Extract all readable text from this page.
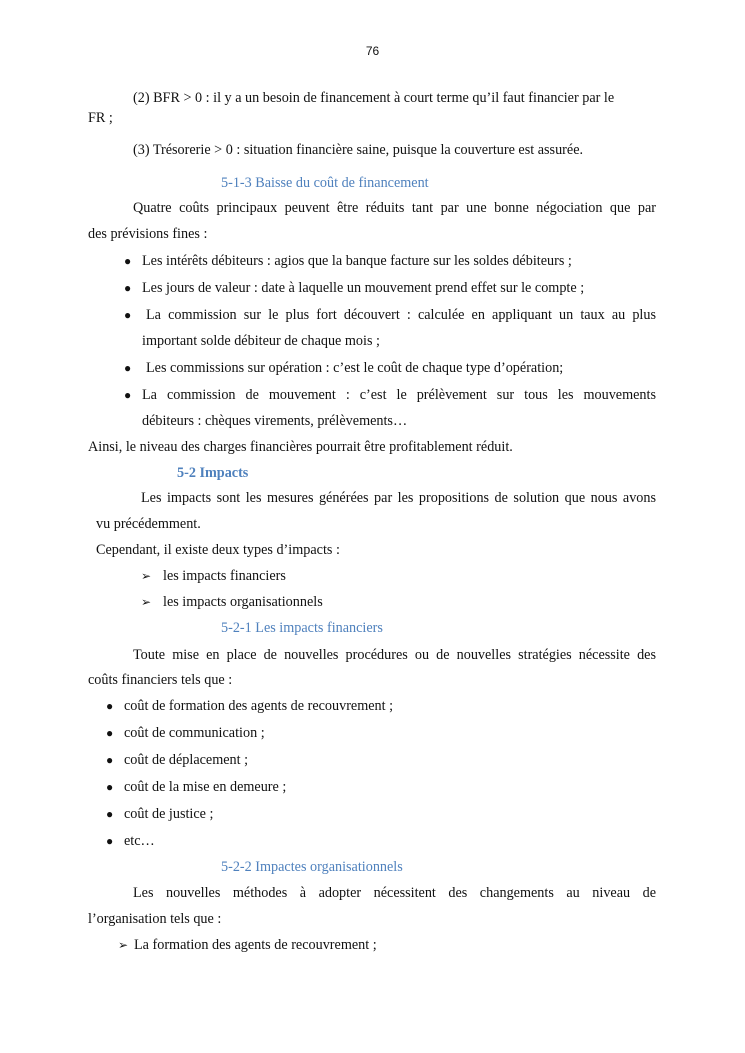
76
(2) BFR > 0 : il y a un besoin de financement à court terme qu’il faut financier par le
FR ;
(3) Trésorerie > 0 : situation financière saine, puisque la couverture est assurée.
5-1-3 Baisse du coût de financement
Quatre coûts principaux peuvent être réduits tant par une bonne négociation que par
des prévisions fines :
● Les intérêts débiteurs : agios que la banque facture sur les soldes débiteurs ;
● Les jours de valeur : date à laquelle un mouvement prend effet sur le compte ;
● La commission sur le plus fort découvert : calculée en appliquant un taux au plus
important solde débiteur de chaque mois ;
● Les commissions sur opération : c’est le coût de chaque type d’opération;
● La commission de mouvement : c’est le prélèvement sur tous les mouvements
débiteurs : chèques virements, prélèvements…
Ainsi, le niveau des charges financières pourrait être profitablement réduit.
5-2 Impacts
Les impacts sont les mesures générées par les propositions de solution que nous avons
vu précédemment.
Cependant, il existe deux types d’impacts :
➢ les impacts financiers
➢ les impacts organisationnels
5-2-1 Les impacts financiers
Toute mise en place de nouvelles procédures ou de nouvelles stratégies nécessite des
coûts financiers tels que :
● coût de formation des agents de recouvrement ;
● coût de communication ;
● coût de déplacement ;
● coût de la mise en demeure ;
● coût de justice ;
● etc…
5-2-2 Impactes organisationnels
Les nouvelles méthodes à adopter nécessitent des changements au niveau de
l’organisation tels que :
➢ La formation des agents de recouvrement ;
